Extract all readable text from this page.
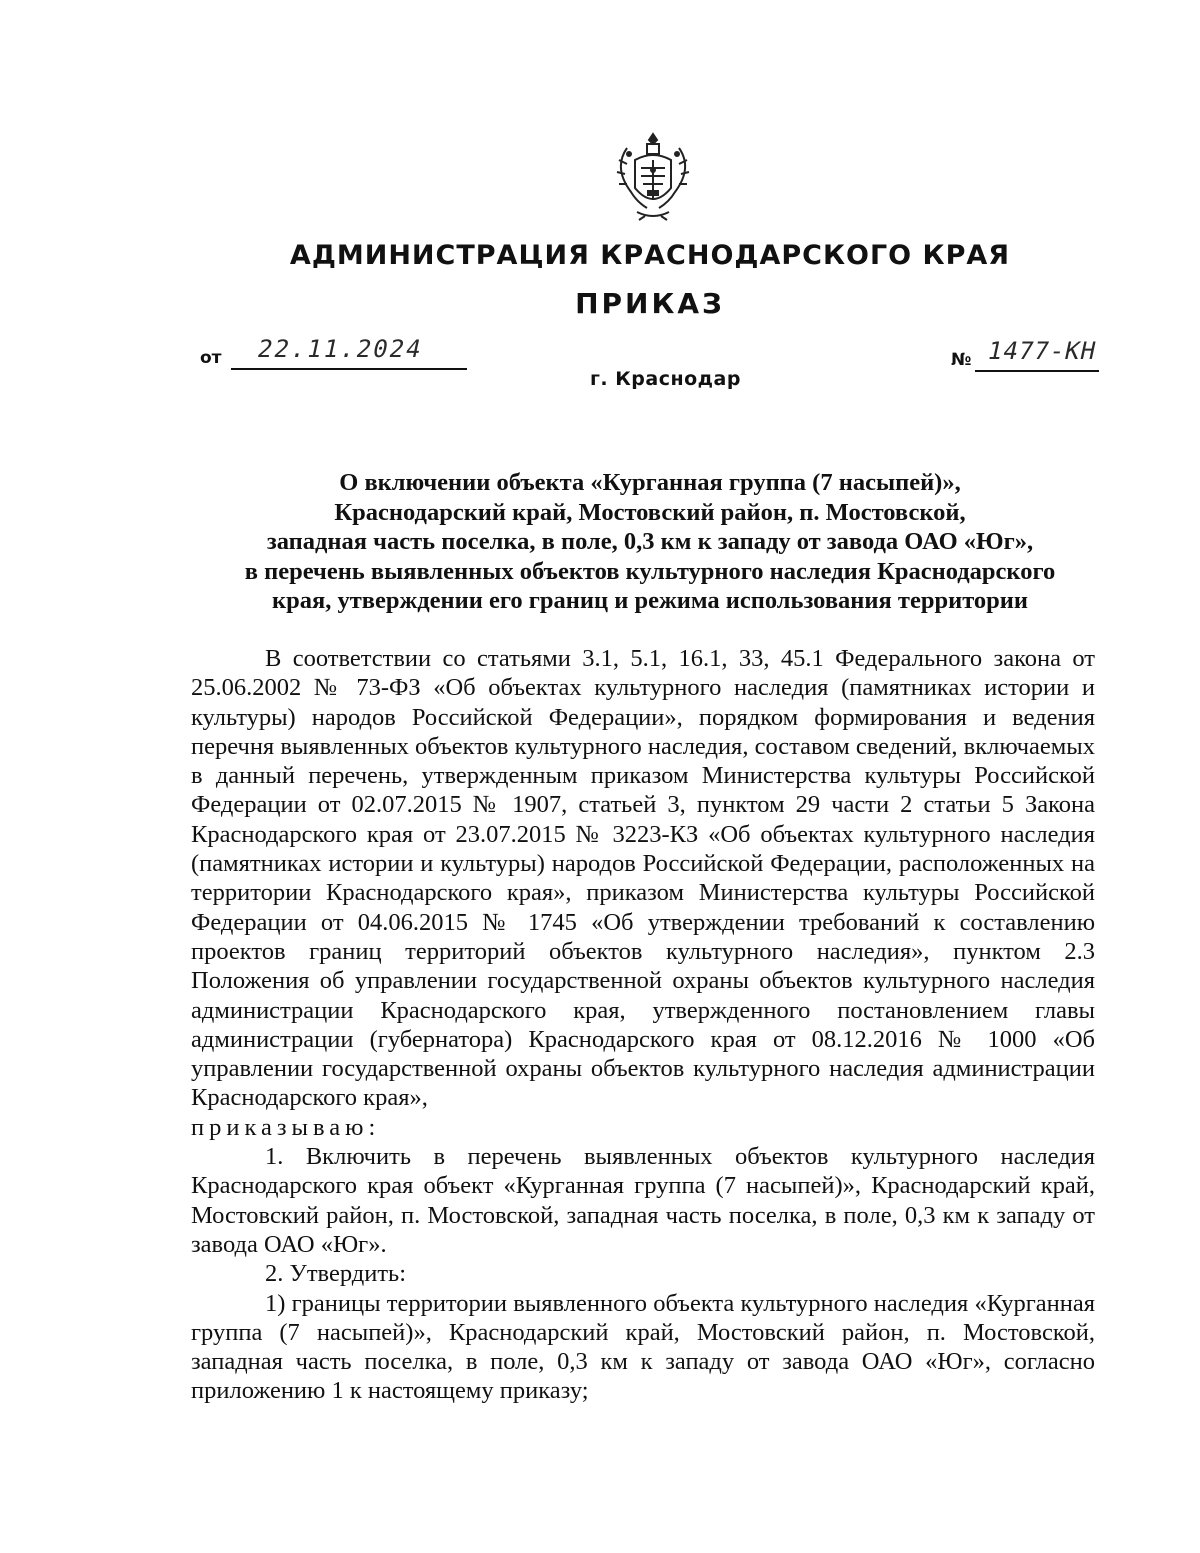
АДМИНИСТРАЦИЯ КРАСНОДАРСКОГО КРАЯ
ПРИКАЗ
от 22.11.2024	№ 1477-КН
г. Краснодар
О включении объекта «Курганная группа (7 насыпей)»,
Краснодарский край, Мостовский район, п. Мостовской,
западная часть поселка, в поле, 0,3 км к западу от завода ОАО «Юг»,
в перечень выявленных объектов культурного наследия Краснодарского
края, утверждении его границ и режима использования территории

В соответствии со статьями 3.1, 5.1, 16.1, 33, 45.1 Федерального закона от 25.06.2002 № 73-ФЗ «Об объектах культурного наследия (памятниках истории и культуры) народов Российской Федерации», порядком формирования и ведения перечня выявленных объектов культурного наследия, составом сведений, включаемых в данный перечень, утвержденным приказом Министерства культуры Российской Федерации от 02.07.2015 № 1907, статьей 3, пунктом 29 части 2 статьи 5 Закона Краснодарского края от 23.07.2015 № 3223-КЗ «Об объектах культурного наследия (памятниках истории и культуры) народов Российской Федерации, расположенных на территории Краснодарского края», приказом Министерства культуры Российской Федерации от 04.06.2015 № 1745 «Об утверждении требований к составлению проектов границ территорий объектов культурного наследия», пунктом 2.3 Положения об управлении государственной охраны объектов культурного наследия администрации Краснодарского края, утвержденного постановлением главы администрации (губернатора) Краснодарского края от 08.12.2016 № 1000 «Об управлении государственной охраны объектов культурного наследия администрации Краснодарского края»,
приказываю:

1. Включить в перечень выявленных объектов культурного наследия Краснодарского края объект «Курганная группа (7 насыпей)», Краснодарский край, Мостовский район, п. Мостовской, западная часть поселка, в поле, 0,3 км к западу от завода ОАО «Юг».

2. Утвердить:

1) границы территории выявленного объекта культурного наследия «Курганная группа (7 насыпей)», Краснодарский край, Мостовский район, п. Мостовской, западная часть поселка, в поле, 0,3 км к западу от завода ОАО «Юг», согласно приложению 1 к настоящему приказу;
